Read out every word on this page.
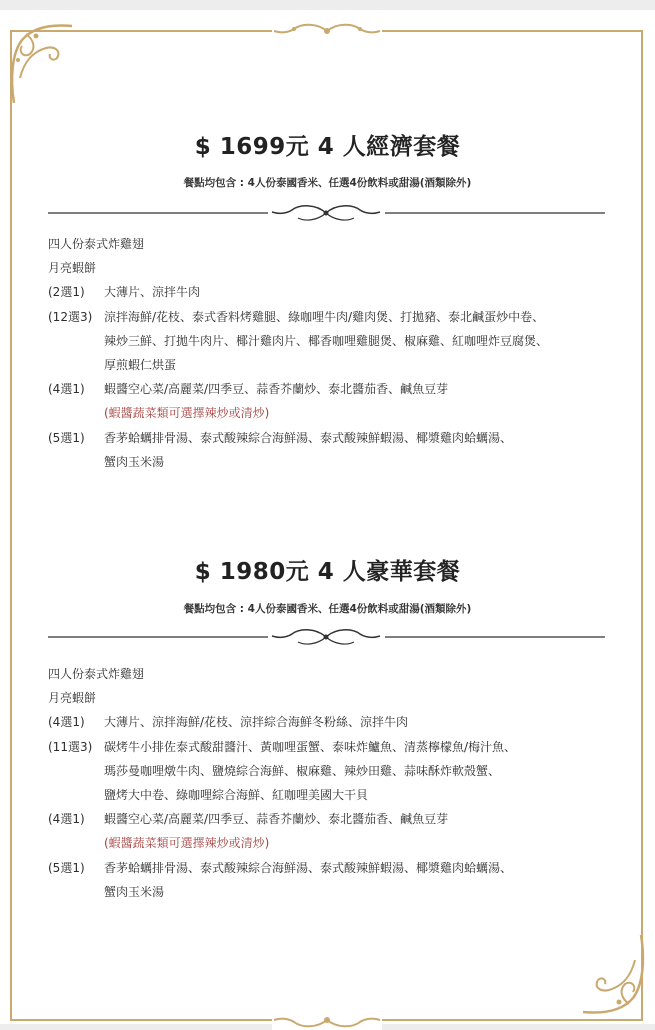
$ 1699元 4 人經濟套餐
餐點均包含 : 4人份泰國香米、任選4份飲料或甜湯(酒類除外)
四人份泰式炸雞翅
月亮蝦餅
(2選1)	大薄片、涼拌牛肉
(12選3) 涼拌海鮮/花枝、泰式香料烤雞腿、綠咖哩牛肉/雞肉煲、打拋豬、泰北鹹蛋炒中卷、
辣炒三鮮、打拋牛肉片、椰汁雞肉片、椰香咖哩雞腿煲、椒麻雞、紅咖哩炸豆腐煲、
厚煎蝦仁烘蛋
(4選1)	蝦醬空心菜/高麗菜/四季豆、蒜香芥蘭炒、泰北醬茄香、鹹魚豆芽
(蝦醬蔬菜類可選擇辣炒或清炒)
(5選1)	香茅蛤蠣排骨湯、泰式酸辣綜合海鮮湯、泰式酸辣鮮蝦湯、椰漿雞肉蛤蠣湯、
蟹肉玉米湯
$ 1980元 4 人豪華套餐
餐點均包含 : 4人份泰國香米、任選4份飲料或甜湯(酒類除外)
四人份泰式炸雞翅
月亮蝦餅
(4選1)	大薄片、涼拌海鮮/花枝、涼拌綜合海鮮冬粉絲、涼拌牛肉
(11選3) 碳烤牛小排佐泰式酸甜醬汁、黃咖哩蛋蟹、泰味炸鱸魚、清蒸檸檬魚/梅汁魚、
瑪莎曼咖哩燉牛肉、鹽燒綜合海鮮、椒麻雞、辣炒田雞、蒜味酥炸軟殼蟹、
鹽烤大中卷、綠咖哩綜合海鮮、紅咖哩美國大干貝
(4選1)	蝦醬空心菜/高麗菜/四季豆、蒜香芥蘭炒、泰北醬茄香、鹹魚豆芽
(蝦醬蔬菜類可選擇辣炒或清炒)
(5選1)	香茅蛤蠣排骨湯、泰式酸辣綜合海鮮湯、泰式酸辣鮮蝦湯、椰漿雞肉蛤蠣湯、
蟹肉玉米湯
